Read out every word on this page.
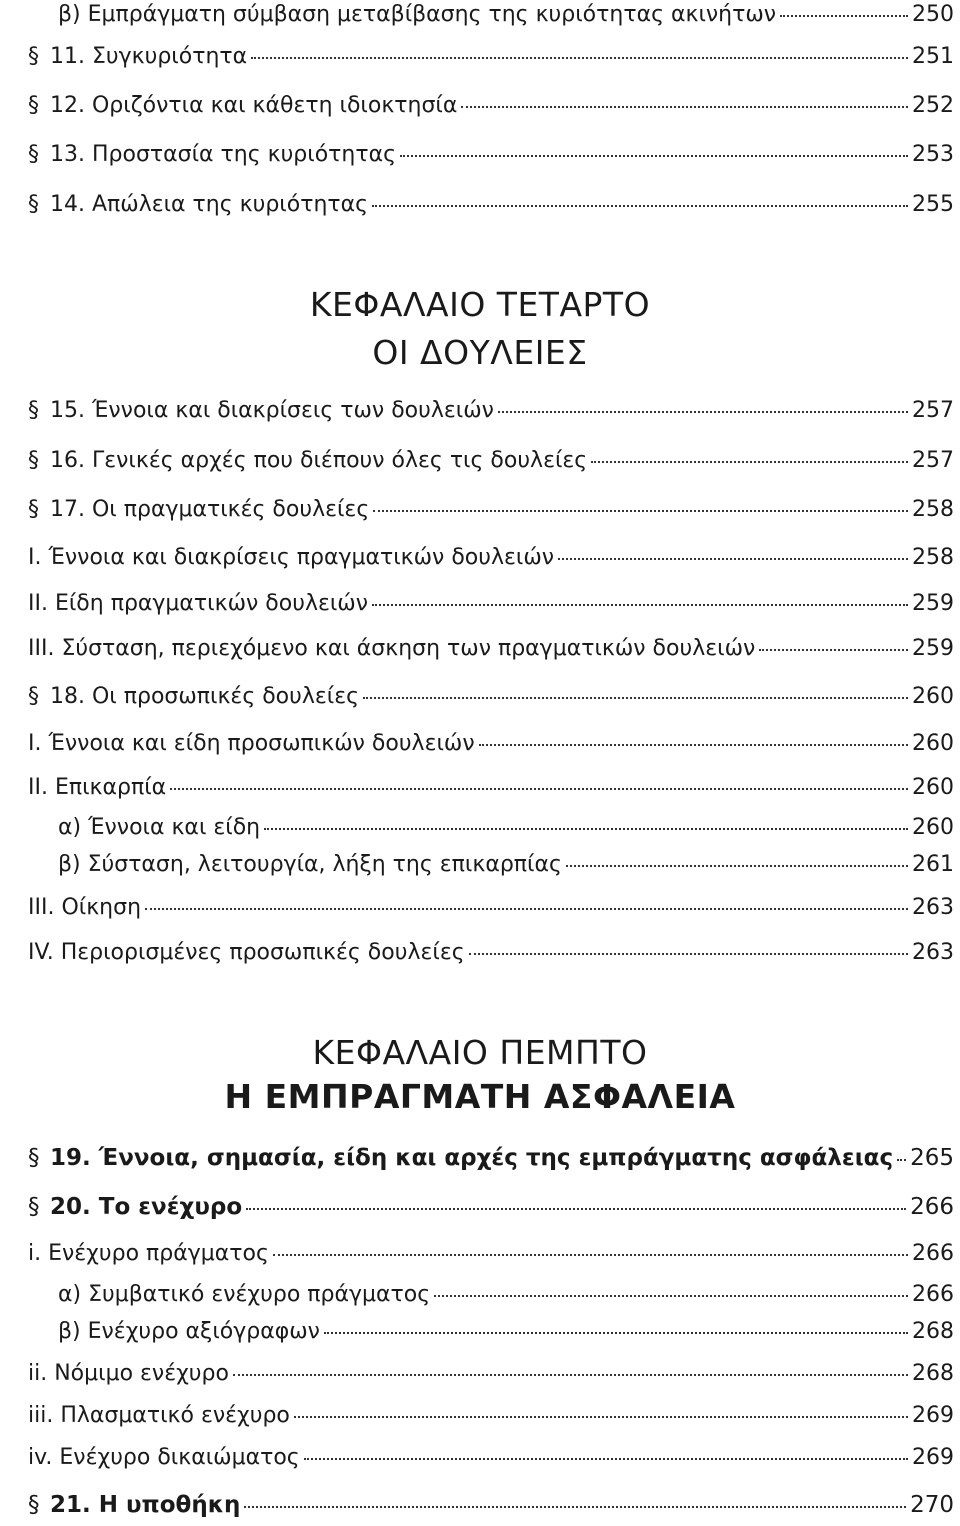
β) Εμπράγματη σύμβαση μεταβίβασης της κυριότητας ακινήτων	250
§ 11. Συγκυριότητα	251
§ 12. Οριζόντια και κάθετη ιδιοκτησία	252
§ 13. Προστασία της κυριότητας	253
§ 14. Απώλεια της κυριότητας	255
ΚΕΦΑΛΑΙΟ ΤΕΤΑΡΤΟ
ΟΙ ΔΟΥΛΕΙΕΣ
§ 15. Έννοια και διακρίσεις των δουλειών	257
§ 16. Γενικές αρχές που διέπουν όλες τις δουλείες	257
§ 17. Οι πραγματικές δουλείες	258
I. Έννοια και διακρίσεις πραγματικών δουλειών	258
II. Είδη πραγματικών δουλειών	259
III. Σύσταση, περιεχόμενο και άσκηση των πραγματικών δουλειών	259
§ 18. Οι προσωπικές δουλείες	260
I. Έννοια και είδη προσωπικών δουλειών	260
II. Επικαρπία	260
α) Έννοια και είδη	260
β) Σύσταση, λειτουργία, λήξη της επικαρπίας	261
III. Οίκηση	263
IV. Περιορισμένες προσωπικές δουλείες	263
ΚΕΦΑΛΑΙΟ ΠΕΜΠΤΟ
Η ΕΜΠΡΑΓΜΑΤΗ ΑΣΦΑΛΕΙΑ
§ 19. Έννοια, σημασία, είδη και αρχές της εμπράγματης ασφάλειας 265
§ 20. Το ενέχυρο	266
i. Ενέχυρο πράγματος	266
α) Συμβατικό ενέχυρο πράγματος	266
β) Ενέχυρο αξιόγραφων	268
ii. Νόμιμο ενέχυρο	268
iii. Πλασματικό ενέχυρο	269
iv. Ενέχυρο δικαιώματος	269
§ 21. Η υποθήκη	270
